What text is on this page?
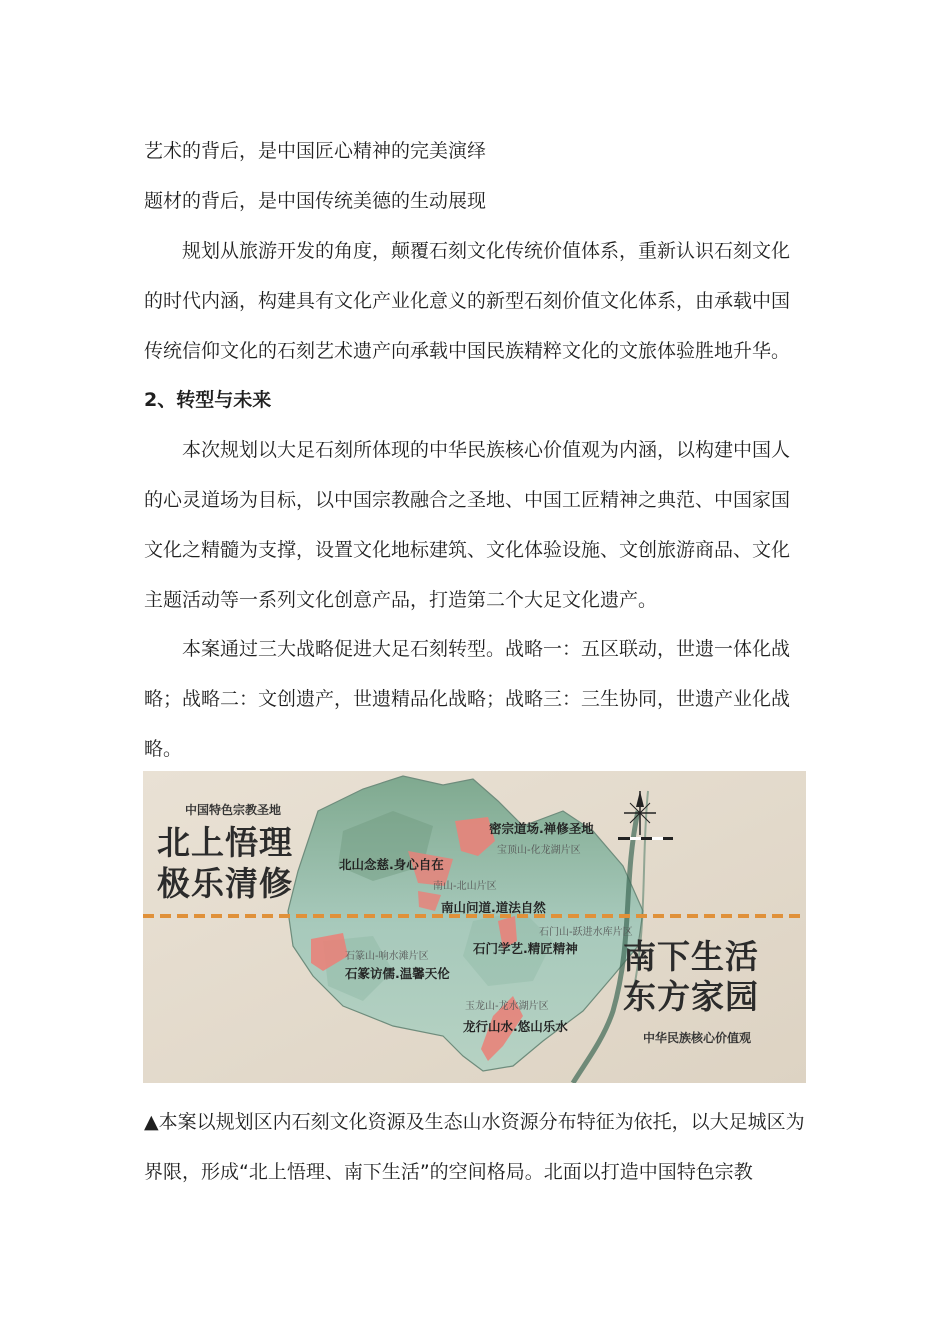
艺术的背后，是中国匠心精神的完美演绎
题材的背后，是中国传统美德的生动展现

规划从旅游开发的角度，颠覆石刻文化传统价值体系，重新认识石刻文化的时代内涵，构建具有文化产业化意义的新型石刻价值文化体系，由承载中国传统信仰文化的石刻艺术遗产向承载中国民族精粹文化的文旅体验胜地升华。

2、转型与未来

本次规划以大足石刻所体现的中华民族核心价值观为内涵，以构建中国人的心灵道场为目标，以中国宗教融合之圣地、中国工匠精神之典范、中国家国文化之精髓为支撑，设置文化地标建筑、文化体验设施、文创旅游商品、文化主题活动等一系列文化创意产品，打造第二个大足文化遗产。

本案通过三大战略促进大足石刻转型。战略一：五区联动，世遗一体化战略；战略二：文创遗产，世遗精品化战略；战略三：三生协同，世遗产业化战略。

中国特色宗教圣地
北上悟理
极乐清修
密宗道场.禅修圣地
宝顶山-化龙湖片区
北山念慈.身心自在
南山-北山片区
南山问道.道法自然
石门山-跃进水库片区
石门学艺.精匠精神
石篆山-响水滩片区
石篆访儒.温馨天伦
玉龙山-龙水湖片区
龙行山水.悠山乐水
南下生活
东方家园
中华民族核心价值观

▲本案以规划区内石刻文化资源及生态山水资源分布特征为依托，以大足城区为界限，形成“北上悟理、南下生活”的空间格局。北面以打造中国特色宗教
